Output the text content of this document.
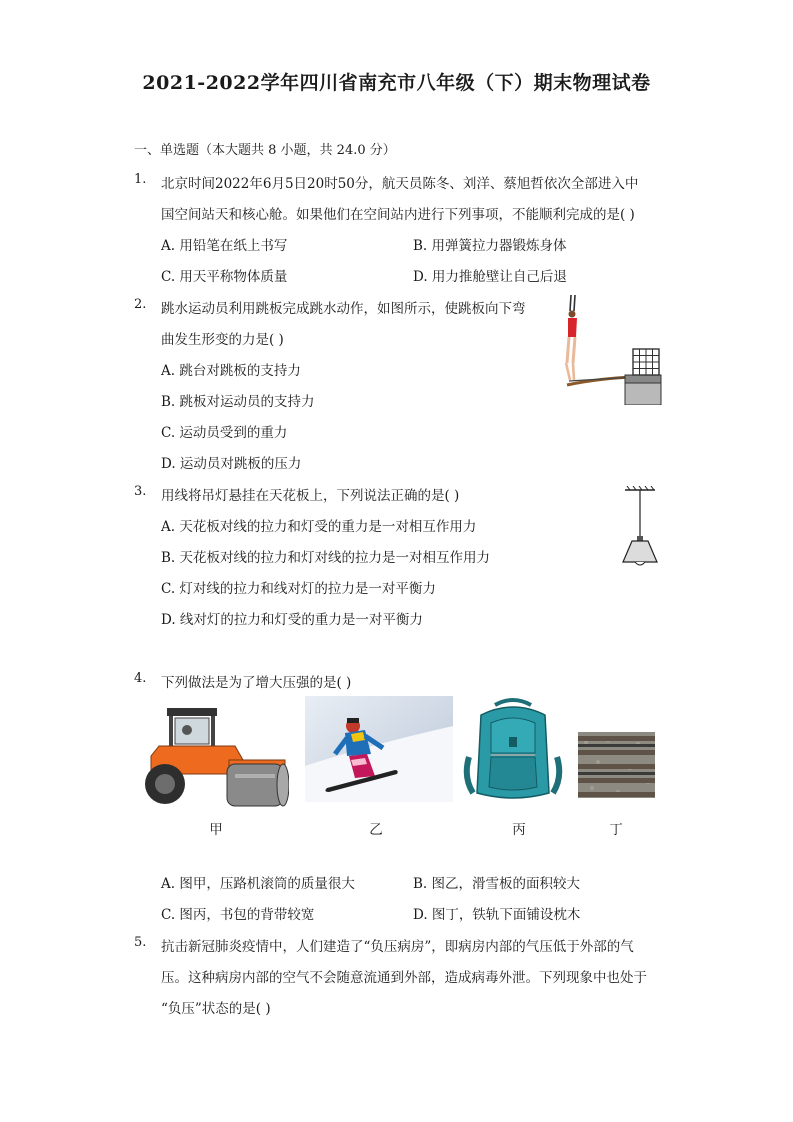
2021-2022学年四川省南充市八年级（下）期末物理试卷
一、单选题（本大题共 8 小题，共 24.0 分）
1. 北京时间2022年6月5日20时50分，航天员陈冬、刘洋、蔡旭哲依次全部进入中
国空间站天和核心舱。如果他们在空间站内进行下列事项，不能顺利完成的是( )
A. 用铅笔在纸上书写	B. 用弹簧拉力器锻炼身体
C. 用天平称物体质量	D. 用力推舱壁让自己后退
2. 跳水运动员利用跳板完成跳水动作，如图所示，使跳板向下弯
曲发生形变的力是( )
A. 跳台对跳板的支持力
B. 跳板对运动员的支持力
C. 运动员受到的重力
D. 运动员对跳板的压力
3. 用线将吊灯悬挂在天花板上，下列说法正确的是( )
A. 天花板对线的拉力和灯受的重力是一对相互作用力
B. 天花板对线的拉力和灯对线的拉力是一对相互作用力
C. 灯对线的拉力和线对灯的拉力是一对平衡力
D. 线对灯的拉力和灯受的重力是一对平衡力
4. 下列做法是为了增大压强的是( )
甲	乙	丙	丁
A. 图甲，压路机滚筒的质量很大	B. 图乙，滑雪板的面积较大
C. 图丙，书包的背带较宽	D. 图丁，铁轨下面铺设枕木
5. 抗击新冠肺炎疫情中，人们建造了“负压病房”，即病房内部的气压低于外部的气
压。这种病房内部的空气不会随意流通到外部，造成病毒外泄。下列现象中也处于
“负压”状态的是( )
